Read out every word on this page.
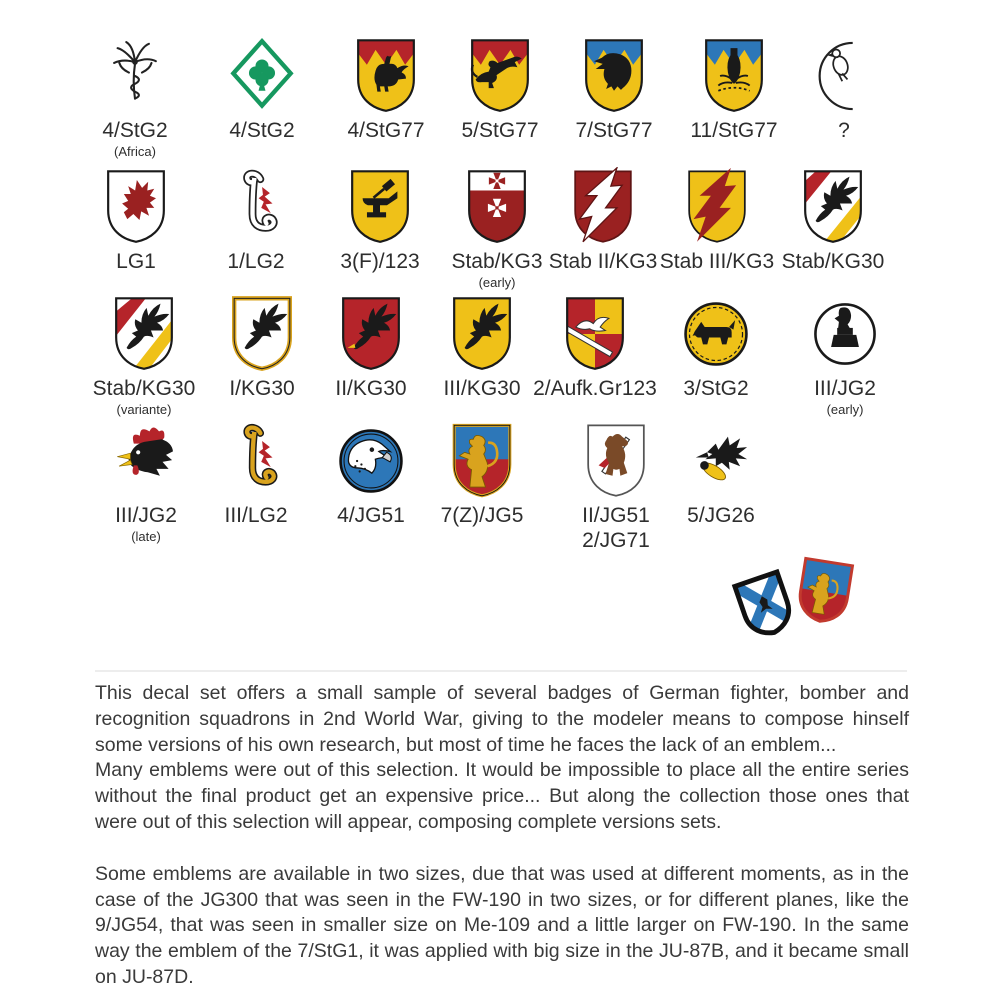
4/StG2
(Africa)
4/StG2	4/StG77	5/StG77	7/StG77	11/StG77	?
LG1	1/LG2	3(F)/123	Stab/KG3
(early)
Stab II/KG3 Stab III/KG3 Stab/KG30
Stab/KG30
(variante)
I/KG30	II/KG30	III/KG30 2/Aufk.Gr123	3/StG2	III/JG2
(early)
III/JG2
(late)
III/LG2	4/JG51	7(Z)/JG5	II/JG51
2/JG71
5/JG26

This decal set offers a small sample of several badges of German fighter, bomber and recognition squadrons in 2nd World War, giving to the modeler means to compose hinself some versions of his own research, but most of time he faces the lack of an emblem...

Many emblems were out of this selection. It would be impossible to place all the entire series without the final product get an expensive price... But along the collection those ones that were out of this selection will appear, composing complete versions sets.

Some emblems are available in two sizes, due that was used at different moments, as in the case of the JG300 that was seen in the FW-190 in two sizes, or for different planes, like the 9/JG54, that was seen in smaller size on Me-109 and a little larger on FW-190. In the same way the emblem of the 7/StG1, it was applied with big size in the JU-87B, and it became small on JU-87D.
